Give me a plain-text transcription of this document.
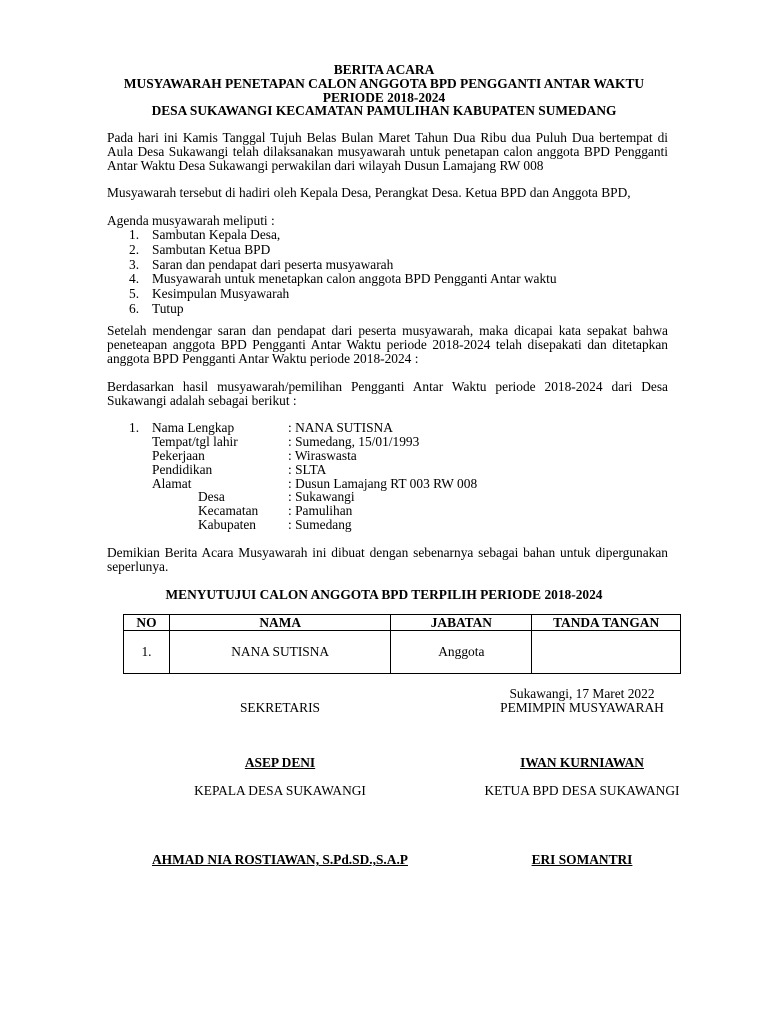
BERITA ACARA
MUSYAWARAH PENETAPAN CALON ANGGOTA BPD PENGGANTI ANTAR WAKTU
PERIODE 2018-2024
DESA SUKAWANGI KECAMATAN PAMULIHAN KABUPATEN SUMEDANG
Pada hari ini Kamis Tanggal Tujuh Belas Bulan Maret Tahun Dua Ribu dua Puluh Dua bertempat di Aula Desa Sukawangi telah dilaksanakan musyawarah untuk penetapan calon anggota BPD Pengganti Antar Waktu Desa Sukawangi perwakilan dari wilayah Dusun Lamajang RW 008
Musyawarah tersebut di hadiri oleh Kepala Desa, Perangkat Desa. Ketua BPD dan Anggota BPD,
Agenda musyawarah meliputi :
1. Sambutan Kepala Desa,
2. Sambutan Ketua BPD
3. Saran dan pendapat dari peserta musyawarah
4. Musyawarah untuk menetapkan calon anggota BPD Pengganti Antar waktu
5. Kesimpulan Musyawarah
6. Tutup
Setelah mendengar saran dan pendapat dari peserta musyawarah, maka dicapai kata sepakat bahwa peneteapan anggota BPD Pengganti Antar Waktu periode 2018-2024 telah disepakati dan ditetapkan anggota BPD Pengganti Antar Waktu periode 2018-2024 :
Berdasarkan hasil musyawarah/pemilihan Pengganti Antar Waktu periode 2018-2024 dari Desa Sukawangi adalah sebagai berikut :
1. Nama Lengkap	: NANA SUTISNA
Tempat/tgl lahir	: Sumedang, 15/01/1993
Pekerjaan	: Wiraswasta
Pendidikan	: SLTA
Alamat	: Dusun Lamajang RT 003 RW 008
Desa	: Sukawangi
Kecamatan : Pamulihan
Kabupaten : Sumedang
Demikian Berita Acara Musyawarah ini dibuat dengan sebenarnya sebagai bahan untuk dipergunakan seperlunya.
MENYUTUJUI CALON ANGGOTA BPD TERPILIH PERIODE 2018-2024
NO	NAMA	JABATAN	TANDA TANGAN
1.	NANA SUTISNA	Anggota	
Sukawangi, 17 Maret 2022
SEKRETARIS	PEMIMPIN MUSYAWARAH
ASEP DENI	IWAN KURNIAWAN
KEPALA DESA SUKAWANGI	KETUA BPD DESA SUKAWANGI
AHMAD NIA ROSTIAWAN, S.Pd.SD.,S.A.P	ERI SOMANTRI
